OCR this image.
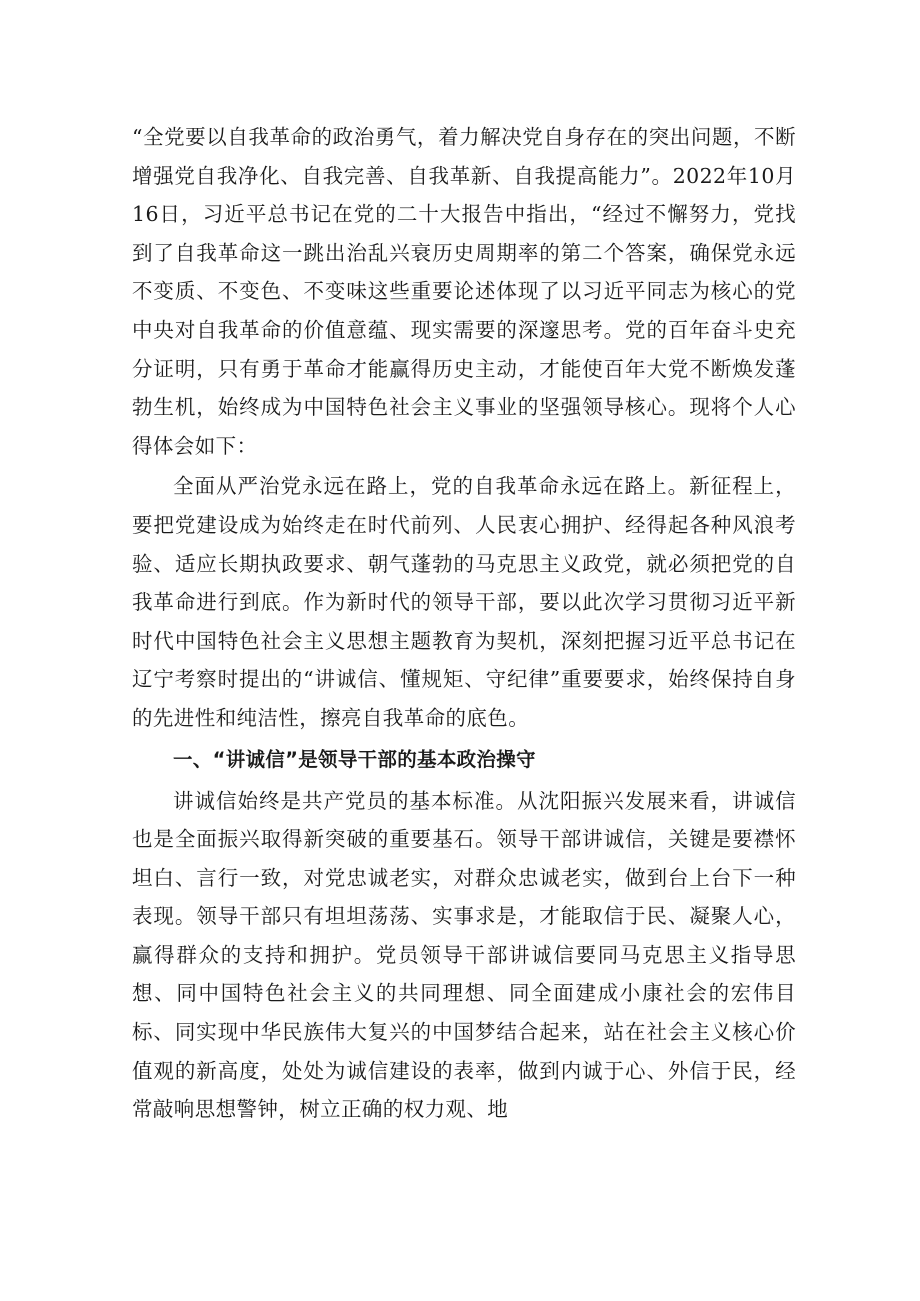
“全党要以自我革命的政治勇气，着力解决党自身存在的突出问题，不断增强党自我净化、自我完善、自我革新、自我提高能力”。2022年10月16日，习近平总书记在党的二十大报告中指出，“经过不懈努力，党找到了自我革命这一跳出治乱兴衰历史周期率的第二个答案，确保党永远不变质、不变色、不变味这些重要论述体现了以习近平同志为核心的党中央对自我革命的价值意蕴、现实需要的深邃思考。党的百年奋斗史充分证明，只有勇于革命才能赢得历史主动，才能使百年大党不断焕发蓬勃生机，始终成为中国特色社会主义事业的坚强领导核心。现将个人心得体会如下：

全面从严治党永远在路上，党的自我革命永远在路上。新征程上，要把党建设成为始终走在时代前列、人民衷心拥护、经得起各种风浪考验、适应长期执政要求、朝气蓬勃的马克思主义政党，就必须把党的自我革命进行到底。作为新时代的领导干部，要以此次学习贯彻习近平新时代中国特色社会主义思想主题教育为契机，深刻把握习近平总书记在辽宁考察时提出的“讲诚信、懂规矩、守纪律”重要要求，始终保持自身的先进性和纯洁性，擦亮自我革命的底色。

一、“讲诚信”是领导干部的基本政治操守

讲诚信始终是共产党员的基本标准。从沈阳振兴发展来看，讲诚信也是全面振兴取得新突破的重要基石。领导干部讲诚信，关键是要襟怀坦白、言行一致，对党忠诚老实，对群众忠诚老实，做到台上台下一种表现。领导干部只有坦坦荡荡、实事求是，才能取信于民、凝聚人心，赢得群众的支持和拥护。党员领导干部讲诚信要同马克思主义指导思想、同中国特色社会主义的共同理想、同全面建成小康社会的宏伟目标、同实现中华民族伟大复兴的中国梦结合起来，站在社会主义核心价值观的新高度，处处为诚信建设的表率，做到内诚于心、外信于民，经常敲响思想警钟，树立正确的权力观、地
